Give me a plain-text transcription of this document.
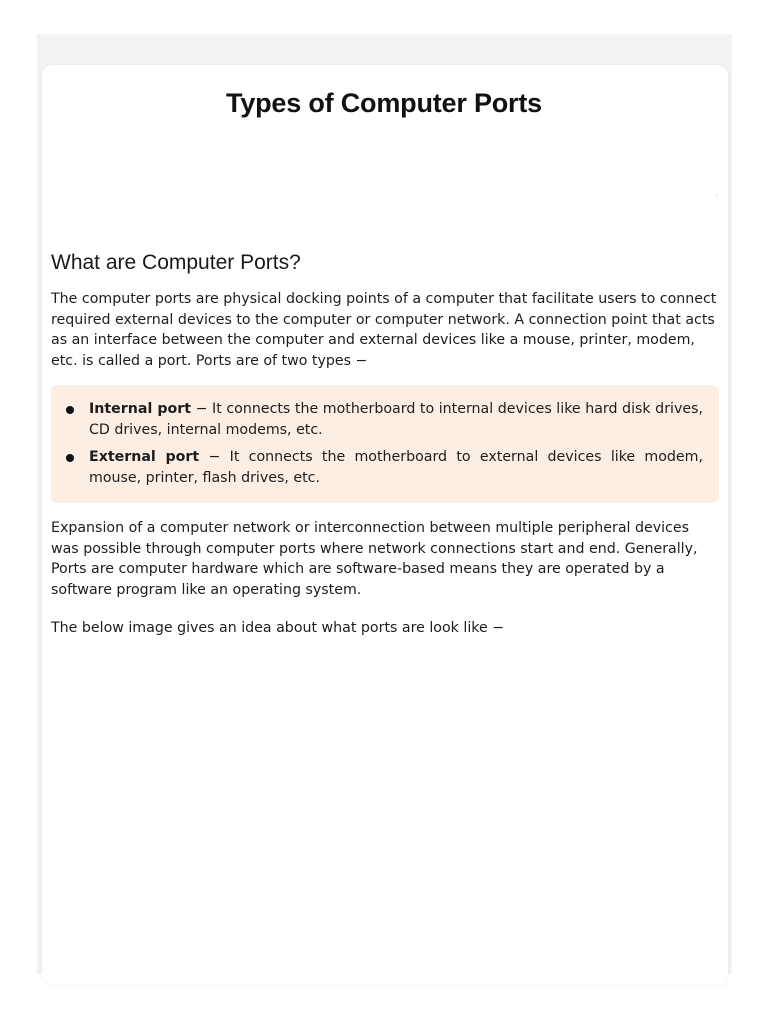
Types of Computer Ports
What are Computer Ports?

The computer ports are physical docking points of a computer that facilitate users to connect required external devices to the computer or computer network. A connection point that acts as an interface between the computer and external devices like a mouse, printer, modem, etc. is called a port. Ports are of two types −

Internal port − It connects the motherboard to internal devices like hard disk drives, CD drives, internal modems, etc.
External port − It connects the motherboard to external devices like modem, mouse, printer, flash drives, etc.

Expansion of a computer network or interconnection between multiple peripheral devices was possible through computer ports where network connections start and end. Generally, Ports are computer hardware which are software-based means they are operated by a software program like an operating system.

The below image gives an idea about what ports are look like −
